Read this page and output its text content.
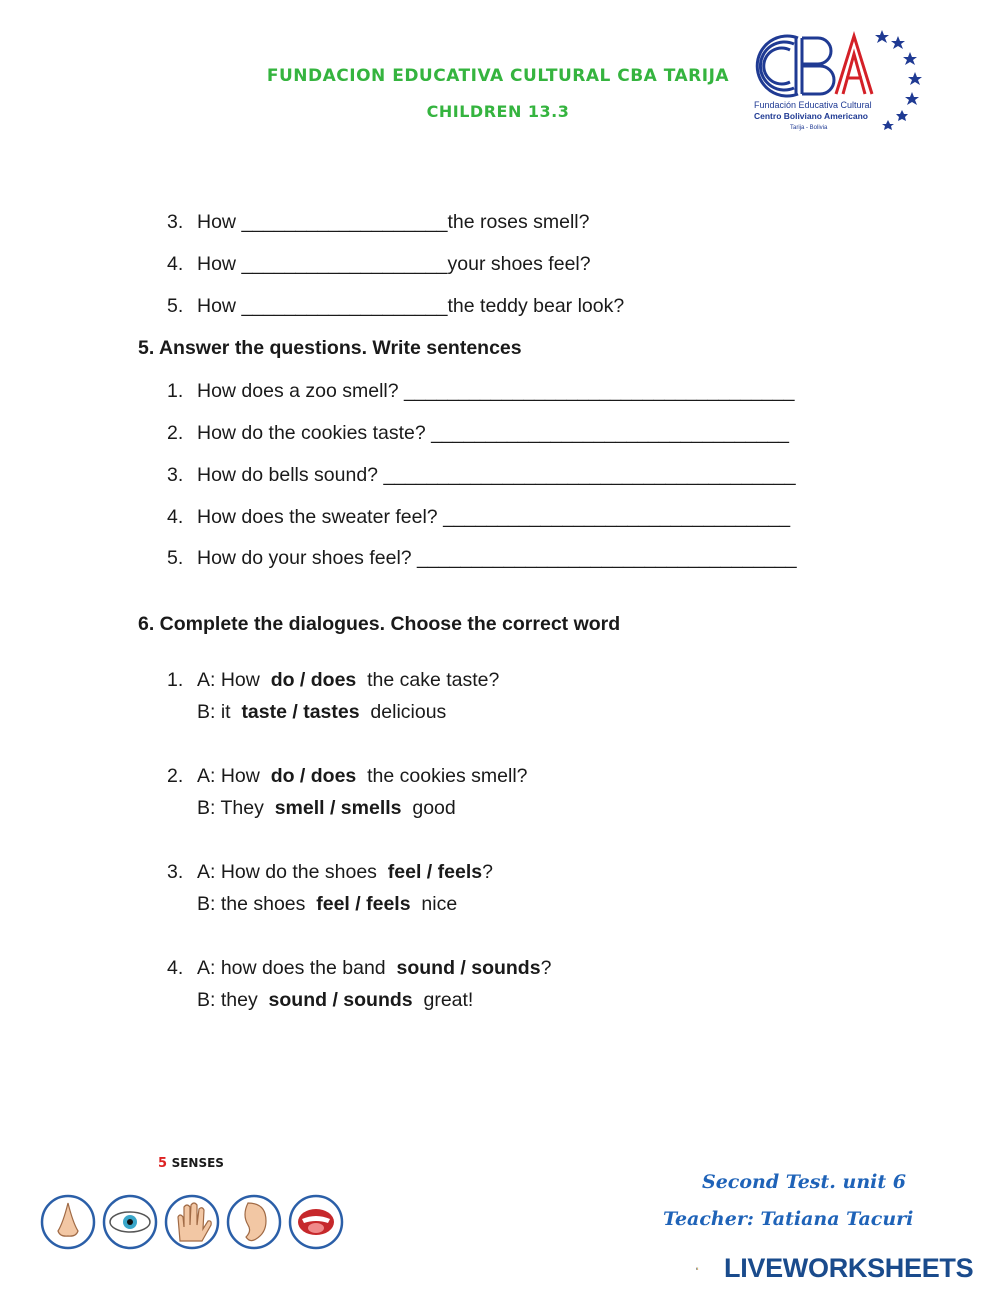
FUNDACION EDUCATIVA CULTURAL CBA TARIJA
CHILDREN 13.3	Fundación Educativa Cultural
Centro Boliviano Americano
Tarija - Bolivia
3. How ___________________the roses smell?
4. How ___________________your shoes feel?
5. How ___________________the teddy bear look?
5. Answer the questions. Write sentences
1. How does a zoo smell? ____________________________________
2. How do the cookies taste? _________________________________
3. How do bells sound? ______________________________________
4. How does the sweater feel? ________________________________
5. How do your shoes feel? ___________________________________
6. Complete the dialogues. Choose the correct word
1. A: How  do / does  the cake taste?
B: it  taste / tastes  delicious
2. A: How  do / does  the cookies smell?
B: They  smell / smells  good
3. A: How do the shoes  feel / feels?
B: the shoes  feel / feels  nice
4. A: how does the band  sound / sounds?
B: they  sound / sounds  great!
5 SENSES
Second Test. unit 6
Teacher: Tatiana Tacuri
LIVEWORKSHEETS
